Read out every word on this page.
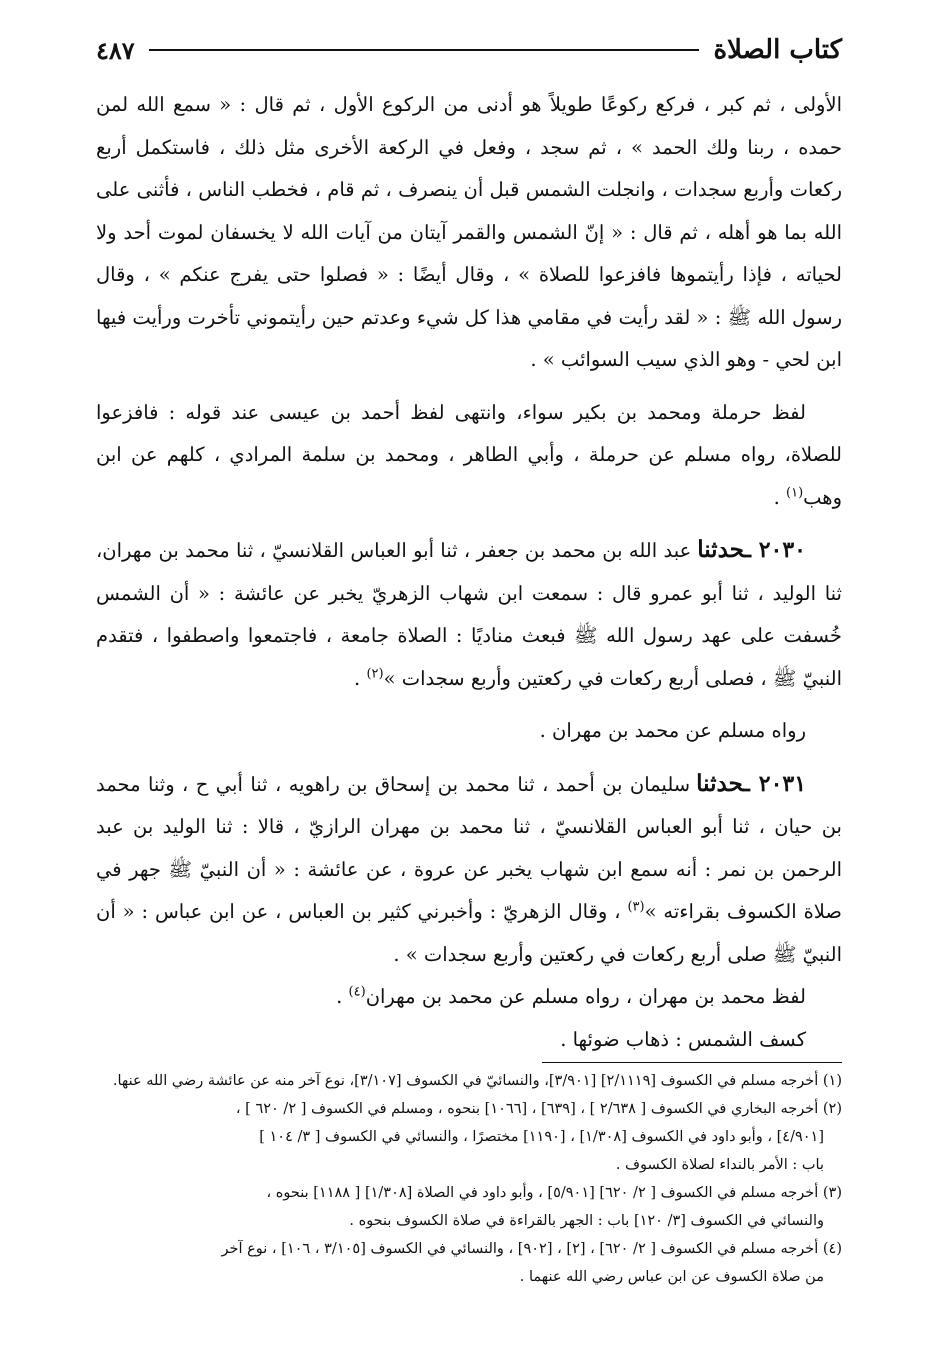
كتاب الصلاة
٤٨٧

الأولى ، ثم كبر ، فركع ركوعًا طويلاً هو أدنى من الركوع الأول ، ثم قال : « سمع الله لمن حمده ، ربنا ولك الحمد » ، ثم سجد ، وفعل في الركعة الأخرى مثل ذلك ، فاستكمل أربع ركعات وأربع سجدات ، وانجلت الشمس قبل أن ينصرف ، ثم قام ، فخطب الناس ، فأثنى على الله بما هو أهله ، ثم قال : « إنّ الشمس والقمر آيتان من آيات الله لا يخسفان لموت أحد ولا لحياته ، فإذا رأيتموها فافزعوا للصلاة » ، وقال أيضًا : « فصلوا حتى يفرج عنكم » ، وقال رسول الله ﷺ : « لقد رأيت في مقامي هذا كل شيء وعدتم حين رأيتموني تأخرت ورأيت فيها ابن لحي - وهو الذي سيب السوائب » .

لفظ حرملة ومحمد بن بكير سواء، وانتهى لفظ أحمد بن عيسى عند قوله : فافزعوا للصلاة، رواه مسلم عن حرملة ، وأبي الطاهر ، ومحمد بن سلمة المرادي ، كلهم عن ابن وهب$^{(١)}$ .

٢٠٣٠ ـحدثناعبد الله بن محمد بن جعفر ، ثنا أبو العباس القلانسيّ ، ثنا محمد بن مهران، ثنا الوليد ، ثنا أبو عمرو قال : سمعت ابن شهاب الزهريّ يخبر عن عائشة : « أن الشمس خُسفت على عهد رسول الله ﷺ فبعث مناديًا : الصلاة جامعة ، فاجتمعوا واصطفوا ، فتقدم النبيّ ﷺ ، فصلى أربع ركعات في ركعتين وأربع سجدات »$^{(٢)}$ .

رواه مسلم عن محمد بن مهران .

٢٠٣١ ـحدثناسليمان بن أحمد ، ثنا محمد بن إسحاق بن راهويه ، ثنا أبي ح ، وثنا محمد بن حيان ، ثنا أبو العباس القلانسيّ ، ثنا محمد بن مهران الرازيّ ، قالا : ثنا الوليد بن عبد الرحمن بن نمر : أنه سمع ابن شهاب يخبر عن عروة ، عن عائشة : « أن النبيّ ﷺ جهر في صلاة الكسوف بقراءته »$^{(٣)}$ ، وقال الزهريّ : وأخبرني كثير بن العباس ، عن ابن عباس : « أن النبيّ ﷺ صلى أربع ركعات في ركعتين وأربع سجدات » .

لفظ محمد بن مهران ، رواه مسلم عن محمد بن مهران$^{(٤)}$ .

كسف الشمس : ذهاب ضوئها .

(١) أخرجه مسلم في الكسوف [٢/١١١٩] [٣/٩٠١]، والنسائيّ في الكسوف [٣/١٠٧]، نوع آخر منه عن عائشة رضي الله عنها.

(٢) أخرجه البخاري في الكسوف [ ٢/٦٣٨ ] ، [٦٣٩] ، [١٠٦٦] بنحوه ، ومسلم في الكسوف [ ٢/ ٦٢٠ ] ،

[٤/٩٠١] ، وأبو داود في الكسوف [١/٣٠٨] ، [١١٩٠] مختصرًا ، والنسائي في الكسوف [ ٣/ ١٠٤ ]

باب : الأمر بالنداء لصلاة الكسوف .

(٣) أخرجه مسلم في الكسوف [ ٢/ ٦٢٠] [٥/٩٠١] ، وأبو داود في الصلاة [١/٣٠٨] [ ١١٨٨] بنحوه ،

والنسائي في الكسوف [٣/ ١٢٠] باب : الجهر بالقراءة في صلاة الكسوف بنحوه .

(٤) أخرجه مسلم في الكسوف [ ٢/ ٦٢٠] ، [٢] ، [٩٠٢] ، والنسائي في الكسوف [٣/١٠٥ ، ١٠٦] ، نوع آخر

من صلاة الكسوف عن ابن عباس رضي الله عنهما .
